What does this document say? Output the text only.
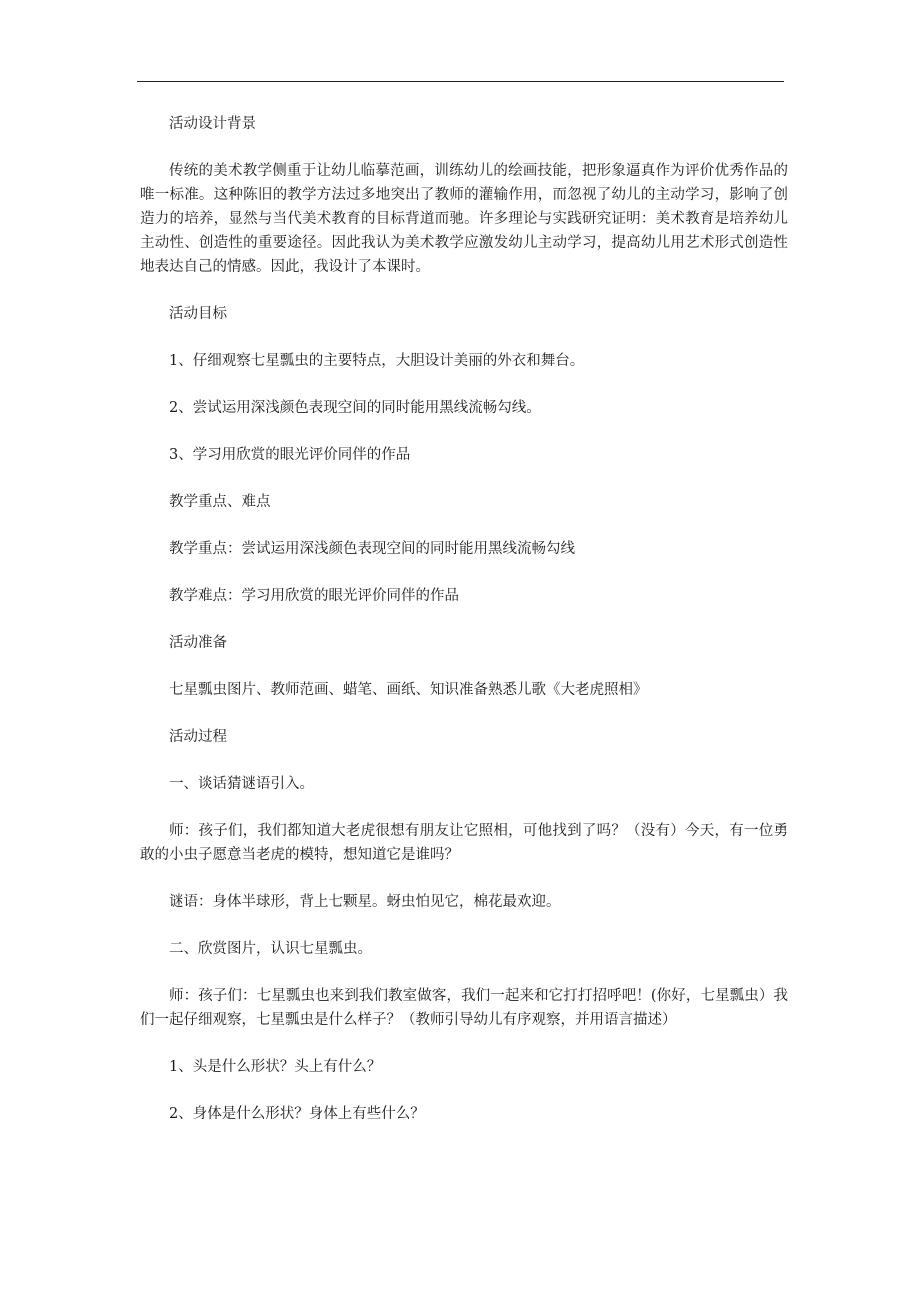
活动设计背景

传统的美术教学侧重于让幼儿临摹范画，训练幼儿的绘画技能，把形象逼真作为评价优秀作品的唯一标准。这种陈旧的教学方法过多地突出了教师的灌输作用，而忽视了幼儿的主动学习，影响了创造力的培养，显然与当代美术教育的目标背道而驰。许多理论与实践研究证明：美术教育是培养幼儿主动性、创造性的重要途径。因此我认为美术教学应激发幼儿主动学习，提高幼儿用艺术形式创造性地表达自己的情感。因此，我设计了本课时。

活动目标

1、仔细观察七星瓢虫的主要特点，大胆设计美丽的外衣和舞台。

2、尝试运用深浅颜色表现空间的同时能用黑线流畅勾线。

3、学习用欣赏的眼光评价同伴的作品

教学重点、难点

教学重点：尝试运用深浅颜色表现空间的同时能用黑线流畅勾线

教学难点：学习用欣赏的眼光评价同伴的作品

活动准备

七星瓢虫图片、教师范画、蜡笔、画纸、知识准备熟悉儿歌《大老虎照相》

活动过程

一、谈话猜谜语引入。

师：孩子们，我们都知道大老虎很想有朋友让它照相，可他找到了吗？（没有）今天，有一位勇敢的小虫子愿意当老虎的模特，想知道它是谁吗？

谜语：身体半球形，背上七颗星。蚜虫怕见它，棉花最欢迎。

二、欣赏图片，认识七星瓢虫。

师：孩子们：七星瓢虫也来到我们教室做客，我们一起来和它打打招呼吧！(你好，七星瓢虫）我们一起仔细观察，七星瓢虫是什么样子？（教师引导幼儿有序观察，并用语言描述）

1、头是什么形状？头上有什么？

2、身体是什么形状？身体上有些什么？
